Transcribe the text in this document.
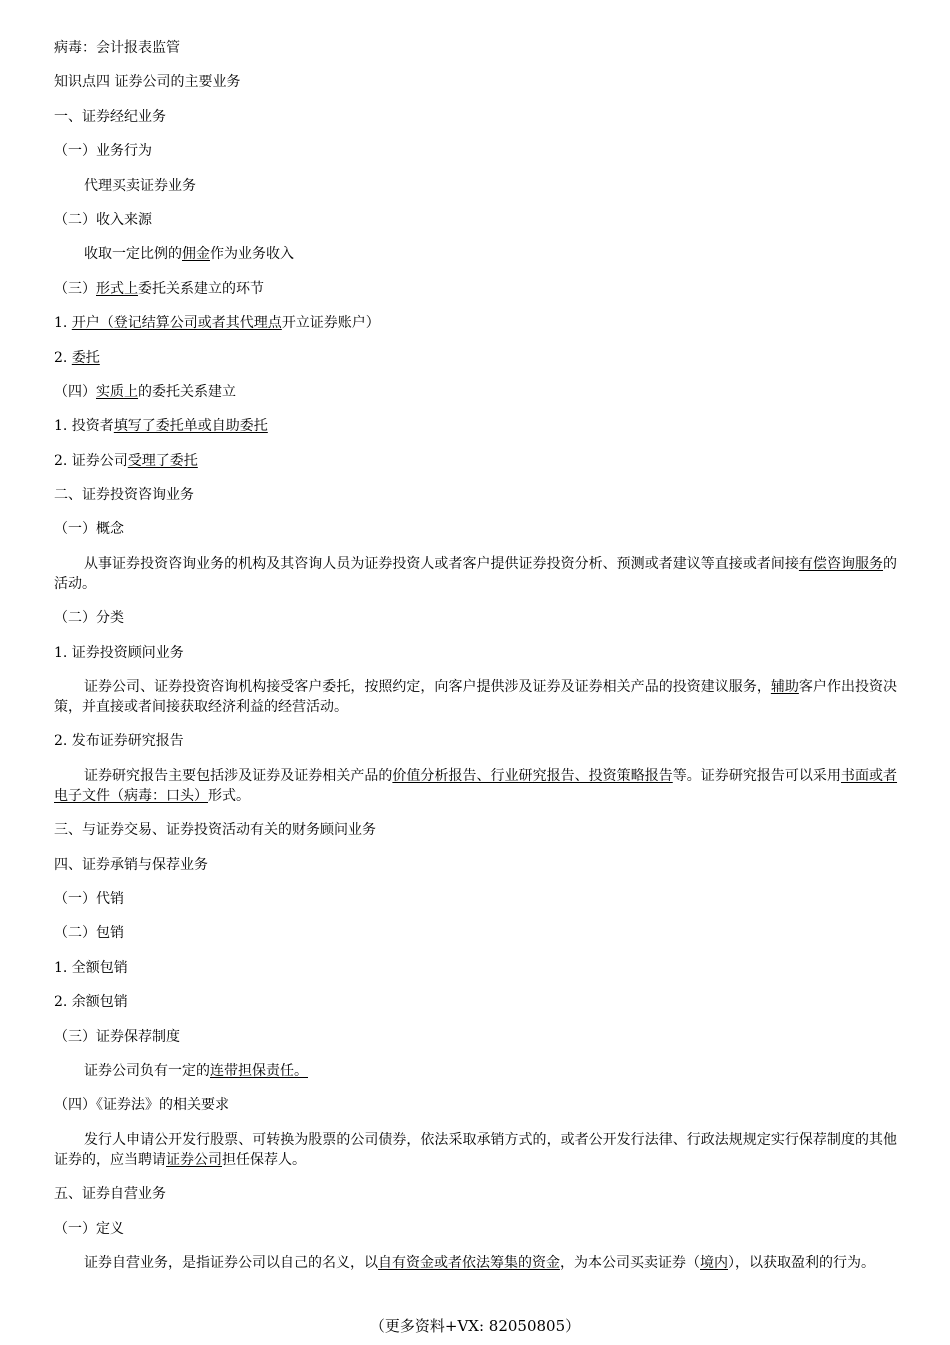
病毒：会计报表监管

知识点四 证券公司的主要业务

一、证券经纪业务

（一）业务行为

代理买卖证券业务

（二）收入来源

收取一定比例的佣金作为业务收入

（三）形式上委托关系建立的环节

1. 开户（登记结算公司或者其代理点开立证券账户）

2. 委托

（四）实质上的委托关系建立

1. 投资者填写了委托单或自助委托

2. 证券公司受理了委托

二、证券投资咨询业务

（一）概念

从事证券投资咨询业务的机构及其咨询人员为证券投资人或者客户提供证券投资分析、预测或者建议等直接或者间接有偿咨询服务的活动。

（二）分类

1. 证券投资顾问业务

证券公司、证券投资咨询机构接受客户委托，按照约定，向客户提供涉及证券及证券相关产品的投资建议服务，辅助客户作出投资决策，并直接或者间接获取经济利益的经营活动。

2. 发布证券研究报告

证券研究报告主要包括涉及证券及证券相关产品的价值分析报告、行业研究报告、投资策略报告等。证券研究报告可以采用书面或者电子文件（病毒：口头）形式。

三、与证券交易、证券投资活动有关的财务顾问业务

四、证券承销与保荐业务

（一）代销

（二）包销

1. 全额包销

2. 余额包销

（三）证券保荐制度

证券公司负有一定的连带担保责任。

（四）《证券法》的相关要求

发行人申请公开发行股票、可转换为股票的公司债券，依法采取承销方式的，或者公开发行法律、行政法规规定实行保荐制度的其他证券的，应当聘请证券公司担任保荐人。

五、证券自营业务

（一）定义

证券自营业务，是指证券公司以自己的名义，以自有资金或者依法筹集的资金，为本公司买卖证券（境内），以获取盈利的行为。

（更多资料+VX: 82050805）
